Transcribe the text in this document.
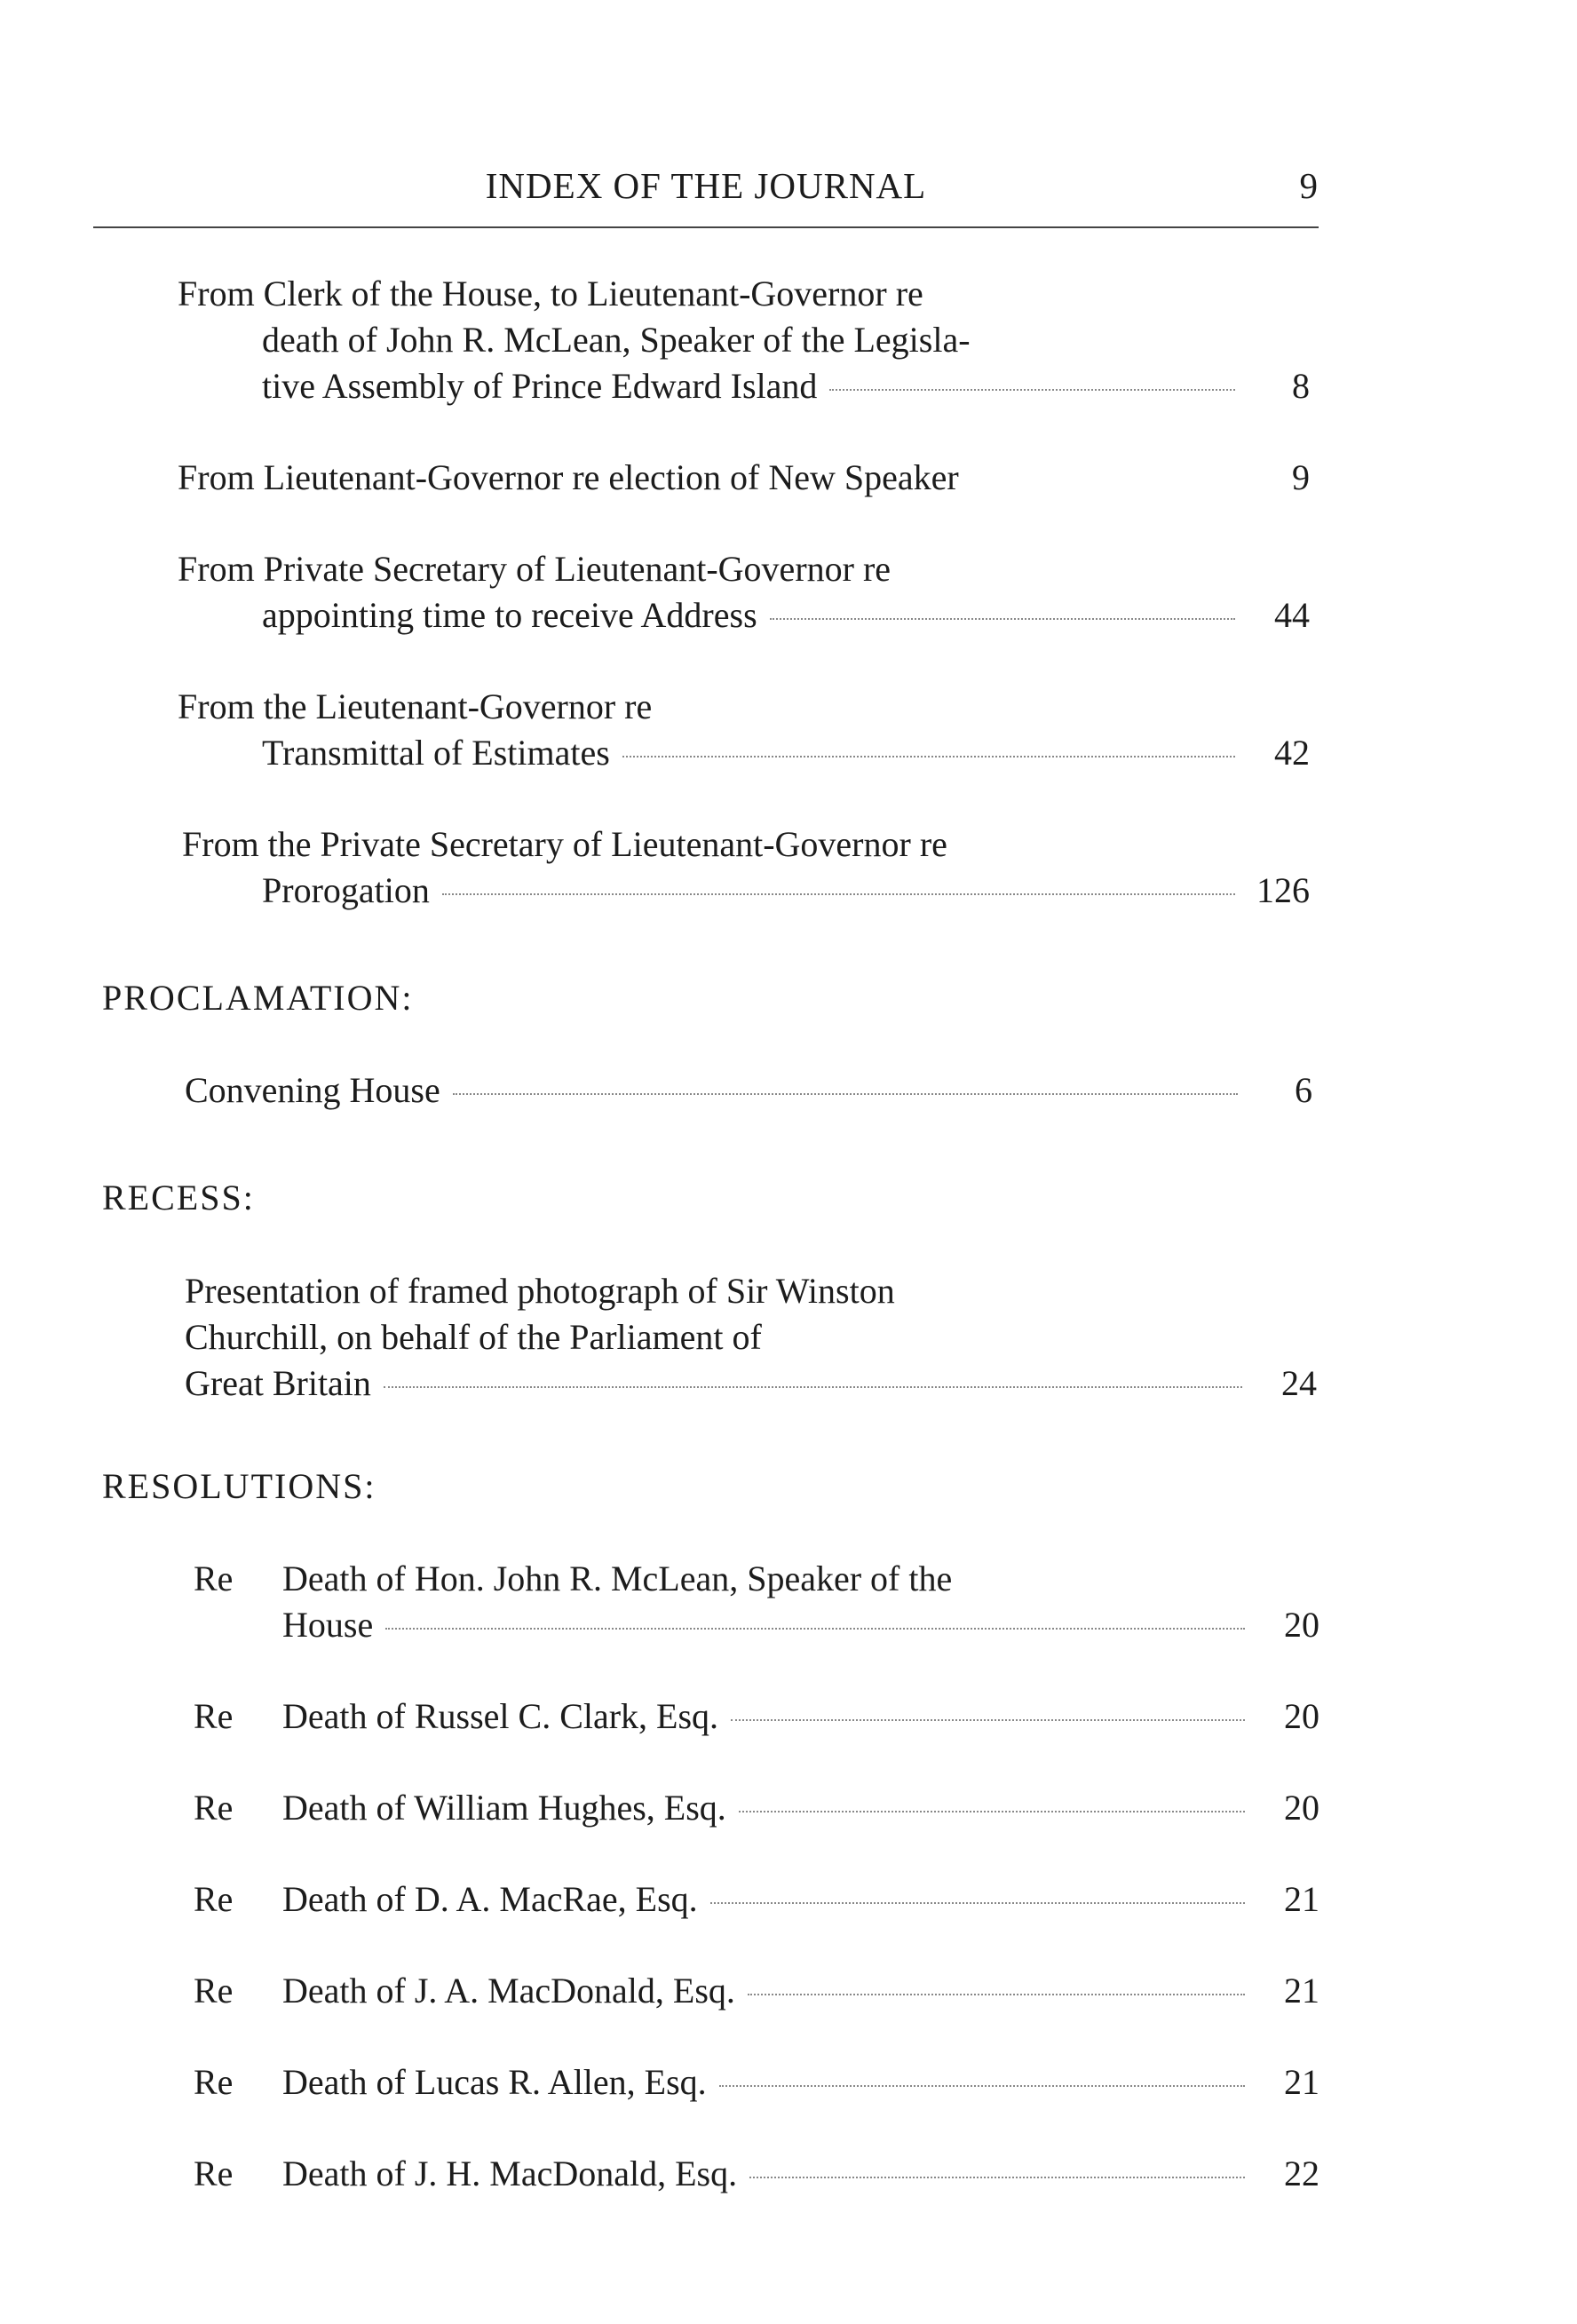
INDEX OF THE JOURNAL	9
From Clerk of the House, to Lieutenant-Governor re
death of John R. McLean, Speaker of the Legisla-
tive Assembly of Prince Edward Island	8
From Lieutenant-Governor re election of New Speaker	9
From Private Secretary of Lieutenant-Governor re
appointing time to receive Address	44
From the Lieutenant-Governor re
Transmittal of Estimates	42
From the Private Secretary of Lieutenant-Governor re
Prorogation	126
PROCLAMATION:
Convening House	6
RECESS:
Presentation of framed photograph of Sir Winston
Churchill, on behalf of the Parliament of
Great Britain	24
RESOLUTIONS:
Re Death of Hon. John R. McLean, Speaker of the
House	20
Re Death of Russel C. Clark, Esq.	20
Re Death of William Hughes, Esq.	20
Re Death of D. A. MacRae, Esq.	21
Re Death of J. A. MacDonald, Esq.	21
Re Death of Lucas R. Allen, Esq.	21
Re Death of J. H. MacDonald, Esq.	22
